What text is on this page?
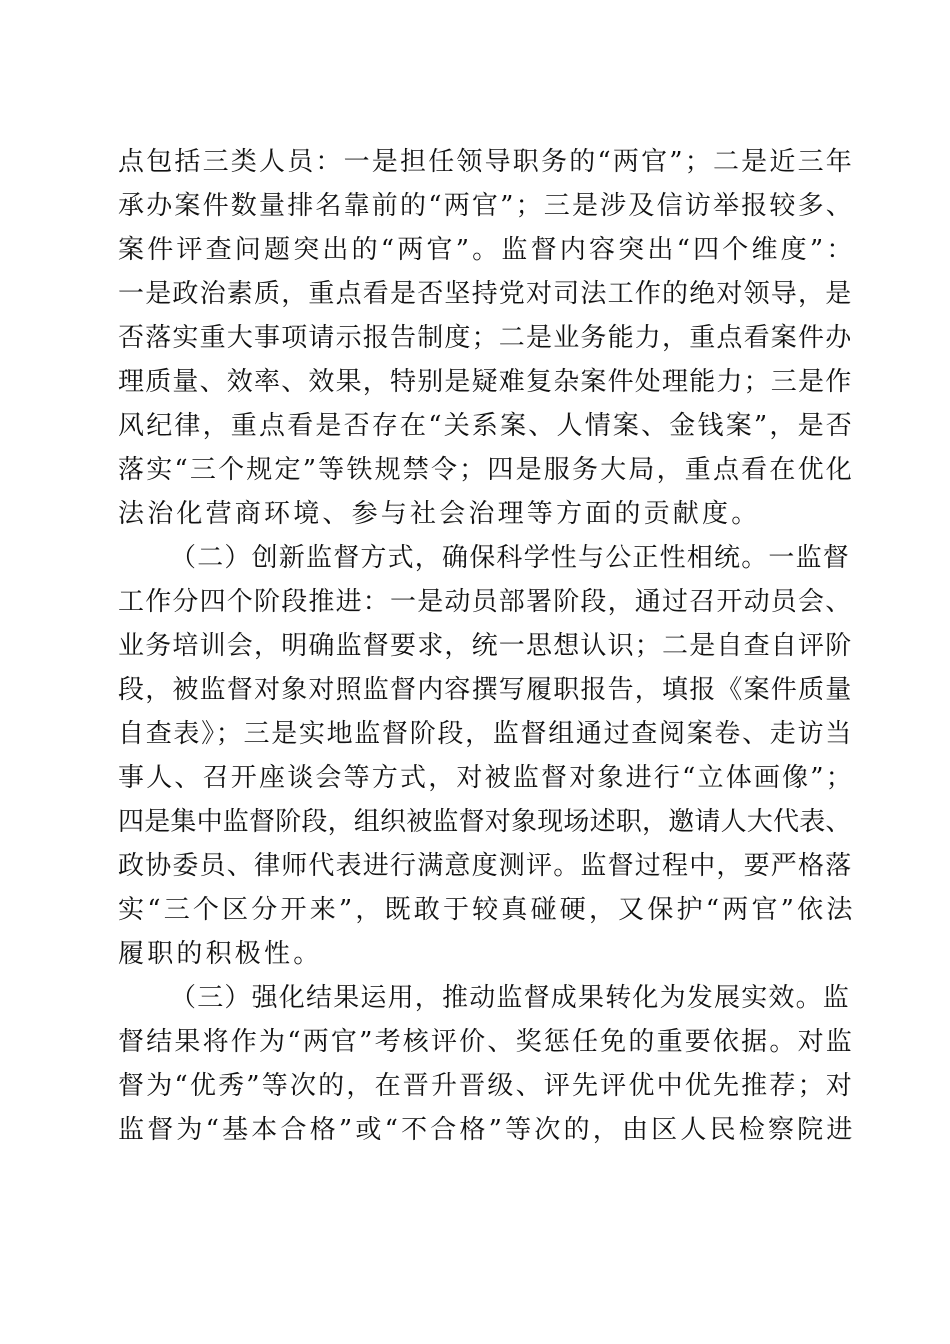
点包括三类人员：一是担任领导职务的“两官”；二是近三年
承办案件数量排名靠前的“两官”；三是涉及信访举报较多、
案件评查问题突出的“两官”。监督内容突出“四个维度”：
一是政治素质，重点看是否坚持党对司法工作的绝对领导，是
否落实重大事项请示报告制度；二是业务能力，重点看案件办
理质量、效率、效果，特别是疑难复杂案件处理能力；三是作
风纪律，重点看是否存在“关系案、人情案、金钱案”，是否
落实“三个规定”等铁规禁令；四是服务大局，重点看在优化
法治化营商环境、参与社会治理等方面的贡献度。
（二）创新监督方式，确保科学性与公正性相统。一监督
工作分四个阶段推进：一是动员部署阶段，通过召开动员会、
业务培训会，明确监督要求，统一思想认识；二是自查自评阶
段，被监督对象对照监督内容撰写履职报告，填报《案件质量
自查表》；三是实地监督阶段，监督组通过查阅案卷、走访当
事人、召开座谈会等方式，对被监督对象进行“立体画像”；
四是集中监督阶段，组织被监督对象现场述职，邀请人大代表、
政协委员、律师代表进行满意度测评。监督过程中，要严格落
实“三个区分开来”，既敢于较真碰硬，又保护“两官”依法
履职的积极性。
（三）强化结果运用，推动监督成果转化为发展实效。监
督结果将作为“两官”考核评价、奖惩任免的重要依据。对监
督为“优秀”等次的，在晋升晋级、评先评优中优先推荐；对
监督为“基本合格”或“不合格”等次的，由区人民检察院进
